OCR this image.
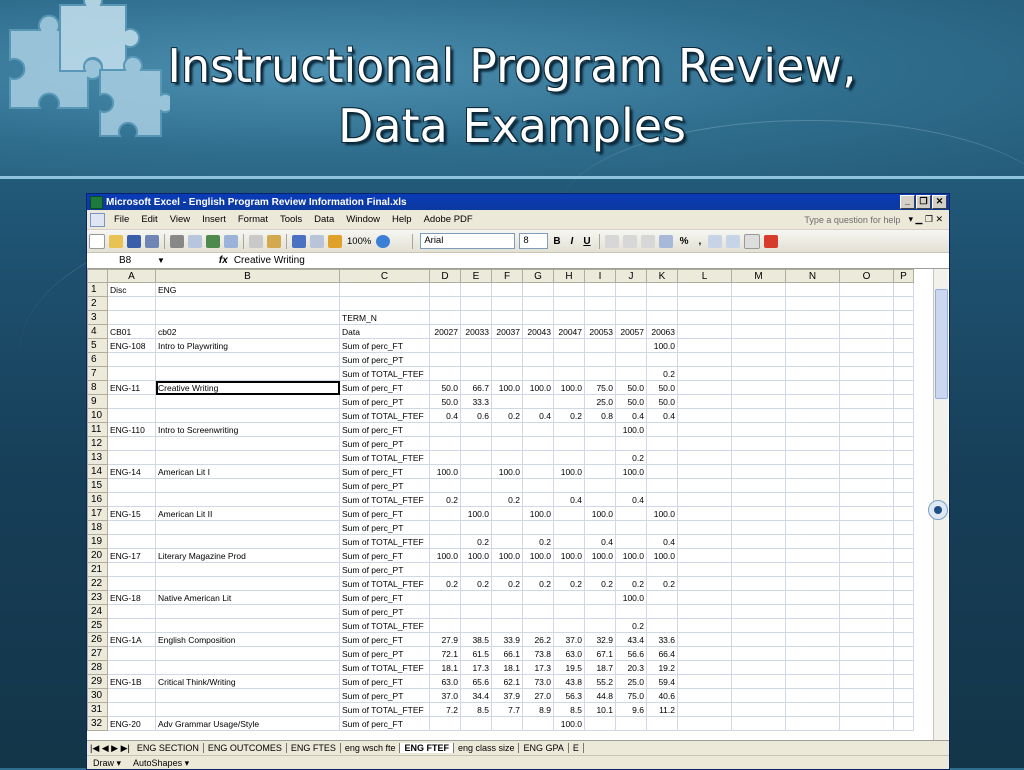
Instructional Program Review,
Data Examples
Microsoft Excel - English Program Review Information Final.xls	_	❐ ✕
File	Edit	View	Insert	Format	Tools	Data	Window	Help	Adobe PDF	Type a question for help ▾ ▁ ❐ ✕
100%	Arial	8	B I U	% ,
B8	▼	fx Creative Writing
	A	B	C	D	E	F	G	H	I	J	K	L	M	N	O	P
1	Disc	ENG														
2																
3			TERM_N													
4	CB01	cb02	Data	20027	20033	20037	20043	20047	20053	20057	20063					
5	ENG-108	Intro to Playwriting	Sum of perc_FT								100.0					
6			Sum of perc_PT													
7			Sum of TOTAL_FTEF								0.2					
8	ENG-11	Creative Writing	Sum of perc_FT	50.0	66.7	100.0	100.0	100.0	75.0	50.0	50.0					
9			Sum of perc_PT	50.0	33.3				25.0	50.0	50.0					
10			Sum of TOTAL_FTEF	0.4	0.6	0.2	0.4	0.2	0.8	0.4	0.4					
11	ENG-110	Intro to Screenwriting	Sum of perc_FT							100.0						
12			Sum of perc_PT													
13			Sum of TOTAL_FTEF							0.2						
14	ENG-14	American Lit I	Sum of perc_FT	100.0		100.0		100.0		100.0						
15			Sum of perc_PT													
16			Sum of TOTAL_FTEF	0.2		0.2		0.4		0.4						
17	ENG-15	American Lit II	Sum of perc_FT		100.0		100.0		100.0		100.0					
18			Sum of perc_PT													
19			Sum of TOTAL_FTEF		0.2		0.2		0.4		0.4					
20	ENG-17	Literary Magazine Prod	Sum of perc_FT	100.0	100.0	100.0	100.0	100.0	100.0	100.0	100.0					
21			Sum of perc_PT													
22			Sum of TOTAL_FTEF	0.2	0.2	0.2	0.2	0.2	0.2	0.2	0.2					
23	ENG-18	Native American Lit	Sum of perc_FT							100.0						
24			Sum of perc_PT													
25			Sum of TOTAL_FTEF							0.2						
26	ENG-1A	English Composition	Sum of perc_FT	27.9	38.5	33.9	26.2	37.0	32.9	43.4	33.6					
27			Sum of perc_PT	72.1	61.5	66.1	73.8	63.0	67.1	56.6	66.4					
28			Sum of TOTAL_FTEF	18.1	17.3	18.1	17.3	19.5	18.7	20.3	19.2					
29	ENG-1B	Critical Think/Writing	Sum of perc_FT	63.0	65.6	62.1	73.0	43.8	55.2	25.0	59.4					
30			Sum of perc_PT	37.0	34.4	37.9	27.0	56.3	44.8	75.0	40.6					
31			Sum of TOTAL_FTEF	7.2	8.5	7.7	8.9	8.5	10.1	9.6	11.2					
32	ENG-20	Adv Grammar Usage/Style	Sum of perc_FT					100.0								
|◀ ◀ ▶ ▶| ENG SECTION	ENG OUTCOMES	ENG FTES	eng wsch fte	ENG FTEF	eng class size	ENG GPA	E
Draw ▾	AutoShapes ▾
